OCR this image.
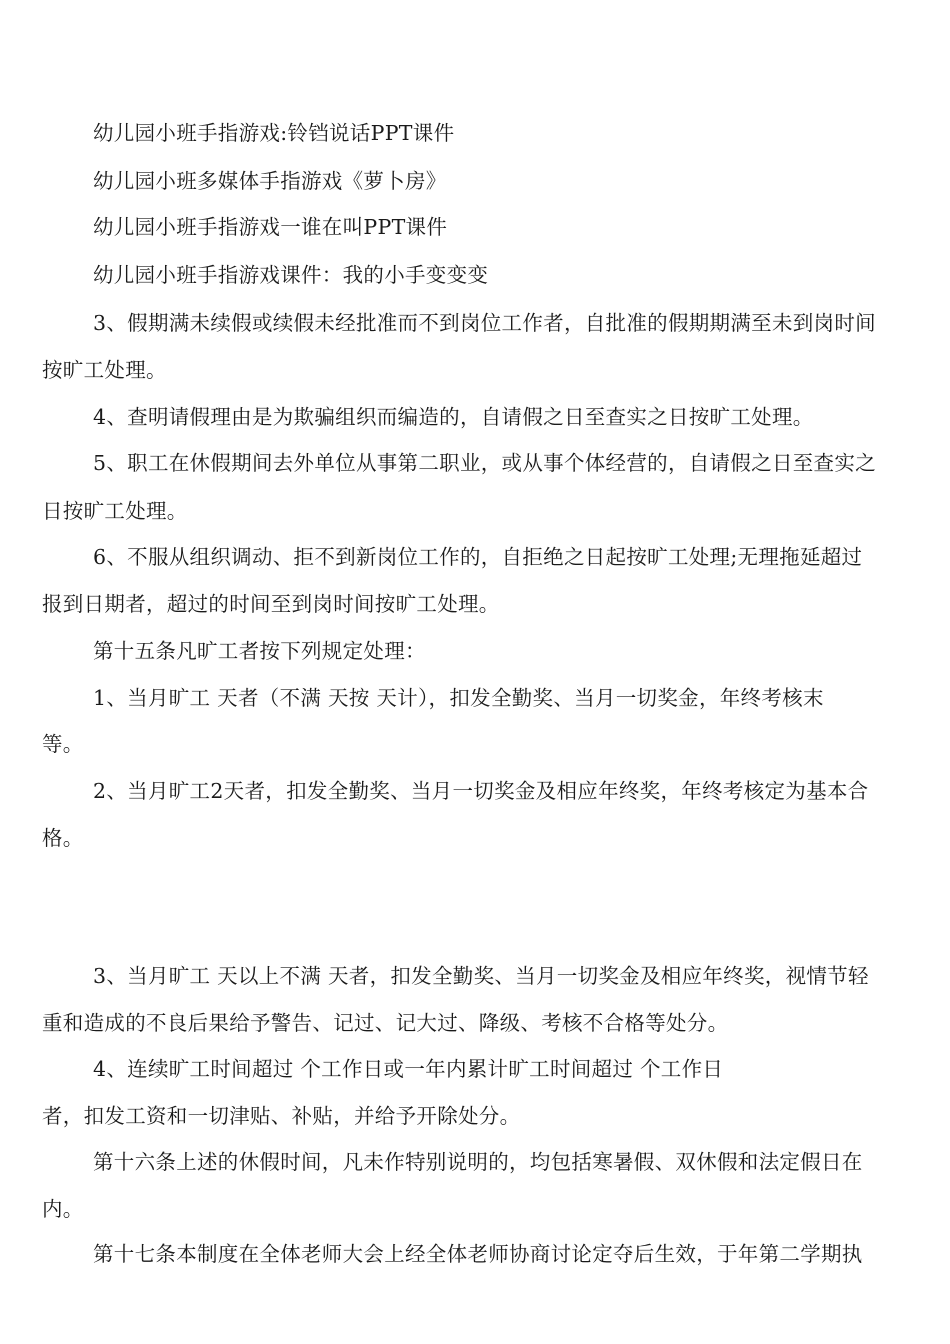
幼儿园小班手指游戏:铃铛说话PPT课件
幼儿园小班多媒体手指游戏《萝卜房》
幼儿园小班手指游戏一谁在叫PPT课件
幼儿园小班手指游戏课件：我的小手变变变
3、假期满未续假或续假未经批准而不到岗位工作者，自批准的假期期满至未到岗时间
按旷工处理。
4、查明请假理由是为欺骗组织而编造的，自请假之日至查实之日按旷工处理。
5、职工在休假期间去外单位从事第二职业，或从事个体经营的，自请假之日至查实之
日按旷工处理。
6、不服从组织调动、拒不到新岗位工作的，自拒绝之日起按旷工处理;无理拖延超过
报到日期者，超过的时间至到岗时间按旷工处理。
第十五条凡旷工者按下列规定处理：
1、当月旷工 天者（不满 天按 天计），扣发全勤奖、当月一切奖金，年终考核末
等。
2、当月旷工2天者，扣发全勤奖、当月一切奖金及相应年终奖，年终考核定为基本合
格。
3、当月旷工 天以上不满 天者，扣发全勤奖、当月一切奖金及相应年终奖，视情节轻
重和造成的不良后果给予警告、记过、记大过、降级、考核不合格等处分。
4、连续旷工时间超过 个工作日或一年内累计旷工时间超过 个工作日
者，扣发工资和一切津贴、补贴，并给予开除处分。
第十六条上述的休假时间，凡未作特别说明的，均包括寒暑假、双休假和法定假日在
内。
第十七条本制度在全体老师大会上经全体老师协商讨论定夺后生效，于年第二学期执
